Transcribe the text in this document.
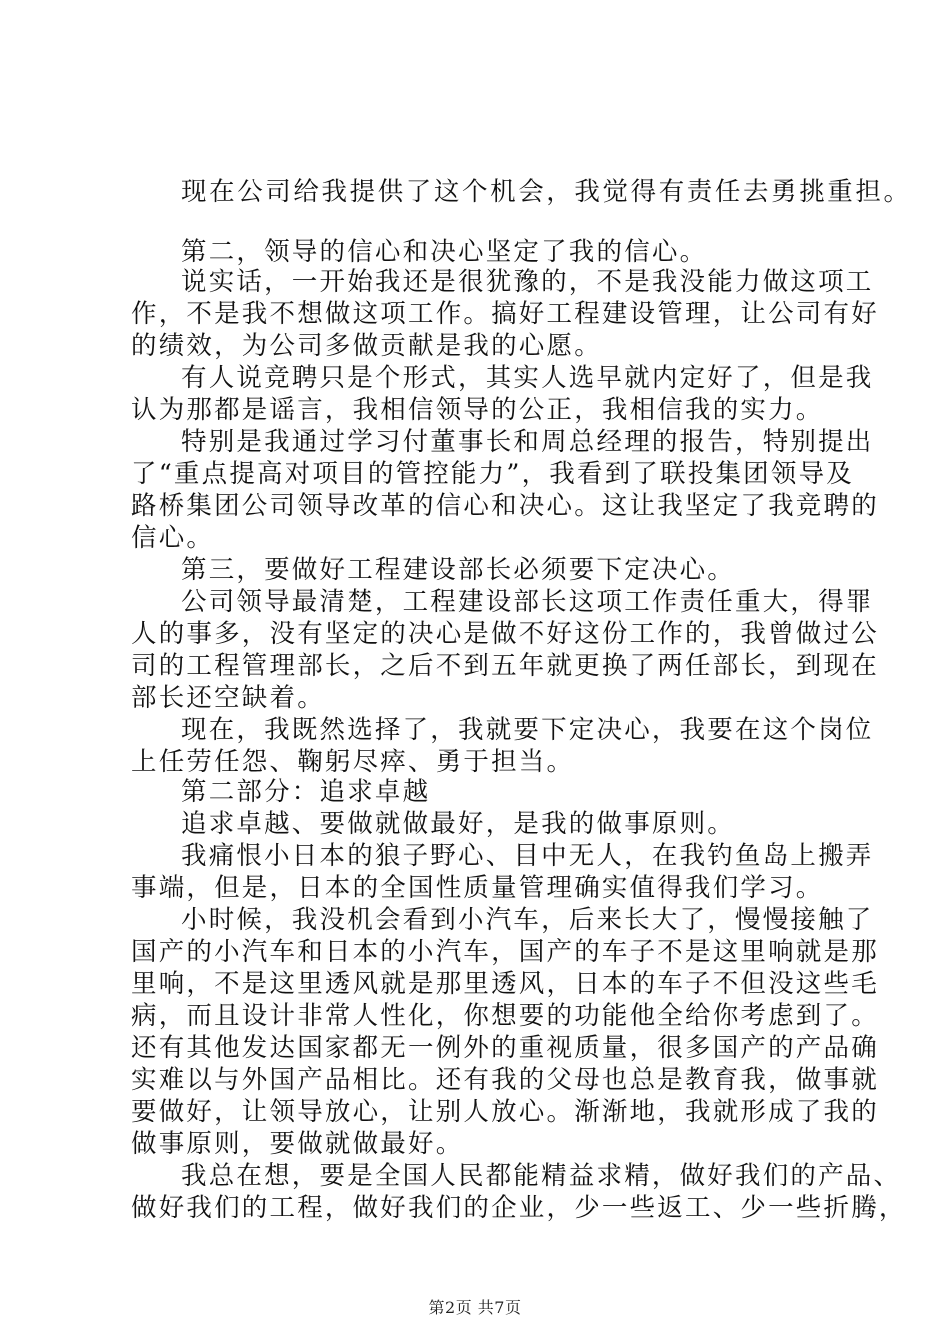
现在公司给我提供了这个机会，我觉得有责任去勇挑重担。
第二，领导的信心和决心坚定了我的信心。
说实话，一开始我还是很犹豫的，不是我没能力做这项工
作，不是我不想做这项工作。搞好工程建设管理，让公司有好
的绩效，为公司多做贡献是我的心愿。
有人说竞聘只是个形式，其实人选早就内定好了，但是我
认为那都是谣言，我相信领导的公正，我相信我的实力。
特别是我通过学习付董事长和周总经理的报告，特别提出
了“重点提高对项目的管控能力”，我看到了联投集团领导及
路桥集团公司领导改革的信心和决心。这让我坚定了我竞聘的
信心。
第三，要做好工程建设部长必须要下定决心。
公司领导最清楚，工程建设部长这项工作责任重大，得罪
人的事多，没有坚定的决心是做不好这份工作的，我曾做过公
司的工程管理部长，之后不到五年就更换了两任部长，到现在
部长还空缺着。
现在，我既然选择了，我就要下定决心，我要在这个岗位
上任劳任怨、鞠躬尽瘁、勇于担当。
第二部分：追求卓越
追求卓越、要做就做最好，是我的做事原则。
我痛恨小日本的狼子野心、目中无人，在我钓鱼岛上搬弄
事端，但是，日本的全国性质量管理确实值得我们学习。
小时候，我没机会看到小汽车，后来长大了，慢慢接触了
国产的小汽车和日本的小汽车，国产的车子不是这里响就是那
里响，不是这里透风就是那里透风，日本的车子不但没这些毛
病，而且设计非常人性化，你想要的功能他全给你考虑到了。
还有其他发达国家都无一例外的重视质量，很多国产的产品确
实难以与外国产品相比。还有我的父母也总是教育我，做事就
要做好，让领导放心，让别人放心。渐渐地，我就形成了我的
做事原则，要做就做最好。
我总在想，要是全国人民都能精益求精，做好我们的产品、
做好我们的工程，做好我们的企业，少一些返工、少一些折腾，
第2页 共7页
